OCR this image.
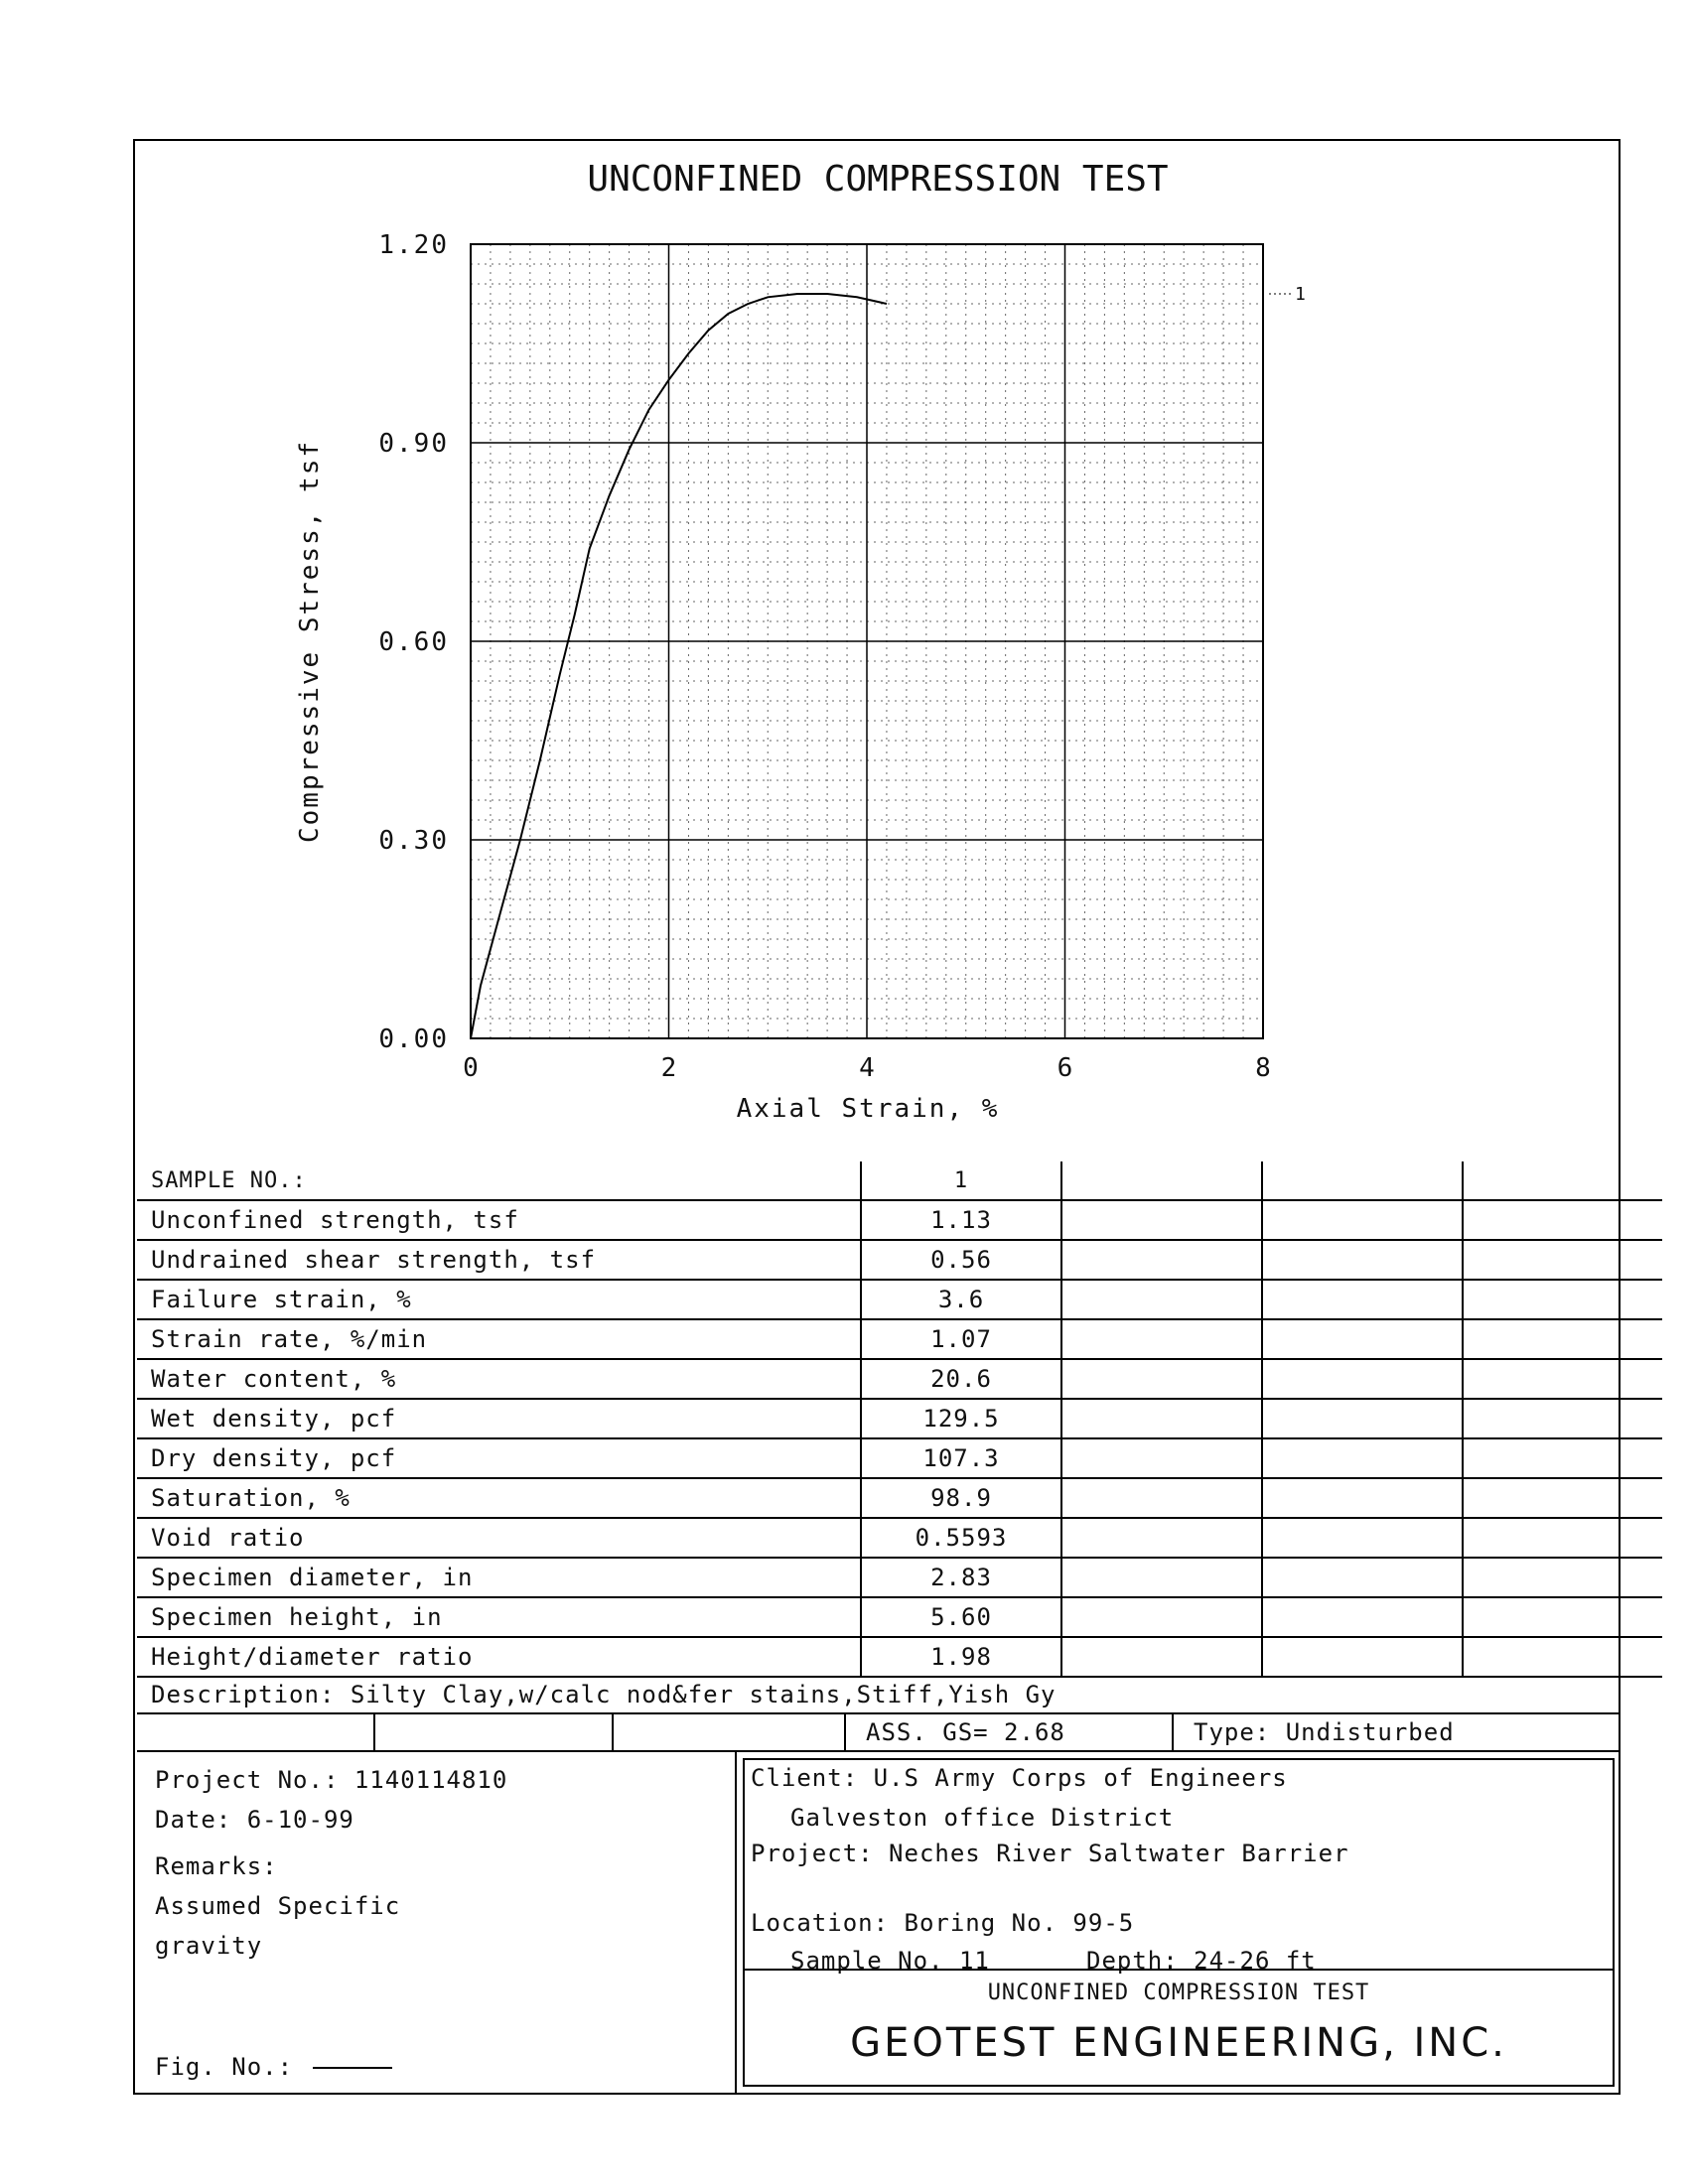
UNCONFINED COMPRESSION TEST
0.00
0.30
0.60
0.90
1.20
0	2	4	6	8
Axial Strain, %
Compressive Stress, tsf
1
SAMPLE NO.:	1			
Unconfined strength, tsf	1.13			
Undrained shear strength, tsf	0.56			
Failure strain, %	3.6			
Strain rate, %/min	1.07			
Water content, %	20.6			
Wet density, pcf	129.5			
Dry density, pcf	107.3			
Saturation, %	98.9			
Void ratio	0.5593			
Specimen diameter, in	2.83			
Specimen height, in	5.60			
Height/diameter ratio	1.98			
Description: Silty Clay,w/calc nod&fer stains,Stiff,Yish Gy
ASS. GS= 2.68	Type: Undisturbed
Project No.: 1140114810
Date: 6-10-99
Remarks:
Assumed Specific
gravity
Fig. No.:
Client: U.S Army Corps of Engineers
Galveston office District
Project: Neches River Saltwater Barrier
Location: Boring No. 99-5
Sample No. 11	Depth: 24-26 ft
UNCONFINED COMPRESSION TEST
GEOTEST ENGINEERING, INC.
